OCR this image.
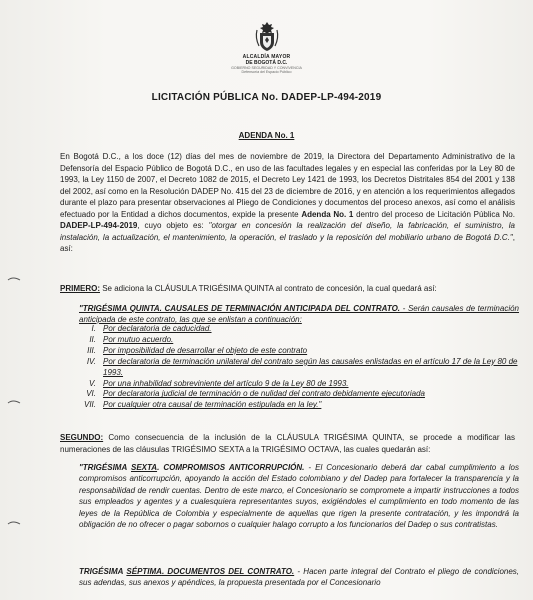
ALCALDÍA MAYOR
DE BOGOTÁ D.C.
GOBIERNO SEGURIDAD Y CONVIVENCIA
Defensoría del Espacio Público
LICITACIÓN PÚBLICA No. DADEP-LP-494-2019
ADENDA No. 1

En Bogotá D.C., a los doce (12) días del mes de noviembre de 2019, la Directora del Departamento Administrativo de la Defensoría del Espacio Público de Bogotá D.C., en uso de las facultades legales y en especial las conferidas por la Ley 80 de 1993, la Ley 1150 de 2007, el Decreto 1082 de 2015, el Decreto Ley 1421 de 1993, los Decretos Distritales 854 del 2001 y 138 del 2002, así como en la Resolución DADEP No. 415 del 23 de diciembre de 2016, y en atención a los requerimientos allegados durante el plazo para presentar observaciones al Pliego de Condiciones y documentos del proceso anexos, así como el análisis efectuado por la Entidad a dichos documentos, expide la presente Adenda No. 1 dentro del proceso de Licitación Pública No. DADEP-LP-494-2019, cuyo objeto es: "otorgar en concesión la realización del diseño, la fabricación, el suministro, la instalación, la actualización, el mantenimiento, la operación, el traslado y la reposición del mobiliario urbano de Bogotá D.C.", así:

PRIMERO: Se adiciona la CLÁUSULA TRIGÉSIMA QUINTA al contrato de concesión, la cual quedará así:

"TRIGÉSIMA QUINTA. CAUSALES DE TERMINACIÓN ANTICIPADA DEL CONTRATO. - Serán causales de terminación anticipada de este contrato, las que se enlistan a continuación:

I. Por declaratoria de caducidad.
II. Por mutuo acuerdo.
III. Por imposibilidad de desarrollar el objeto de este contrato
IV. Por declaratoria de terminación unilateral del contrato según las causales enlistadas en el artículo 17 de la Ley 80 de 1993.
V. Por una inhabilidad sobreviniente del artículo 9 de la Ley 80 de 1993.
VI. Por declaratoria judicial de terminación o de nulidad del contrato debidamente ejecutoriada
VII. Por cualquier otra causal de terminación estipulada en la ley."

SEGUNDO: Como consecuencia de la inclusión de la CLÁUSULA TRIGÉSIMA QUINTA, se procede a modificar las numeraciones de las cláusulas TRIGÉSIMO SEXTA a la TRIGÉSIMO OCTAVA, las cuales quedarán así:

"TRIGÉSIMA SEXTA. COMPROMISOS ANTICORRUPCIÓN. - El Concesionario deberá dar cabal cumplimiento a los compromisos anticorrupción, apoyando la acción del Estado colombiano y del Dadep para fortalecer la transparencia y la responsabilidad de rendir cuentas. Dentro de este marco, el Concesionario se compromete a impartir instrucciones a todos sus empleados y agentes y a cualesquiera representantes suyos, exigiéndoles el cumplimiento en todo momento de las leyes de la República de Colombia y especialmente de aquellas que rigen la presente contratación, y les impondrá la obligación de no ofrecer o pagar sobornos o cualquier halago corrupto a los funcionarios del Dadep o sus contratistas.

TRIGÉSIMA SÉPTIMA. DOCUMENTOS DEL CONTRATO. - Hacen parte integral del Contrato el pliego de condiciones, sus adendas, sus anexos y apéndices, la propuesta presentada por el Concesionario
